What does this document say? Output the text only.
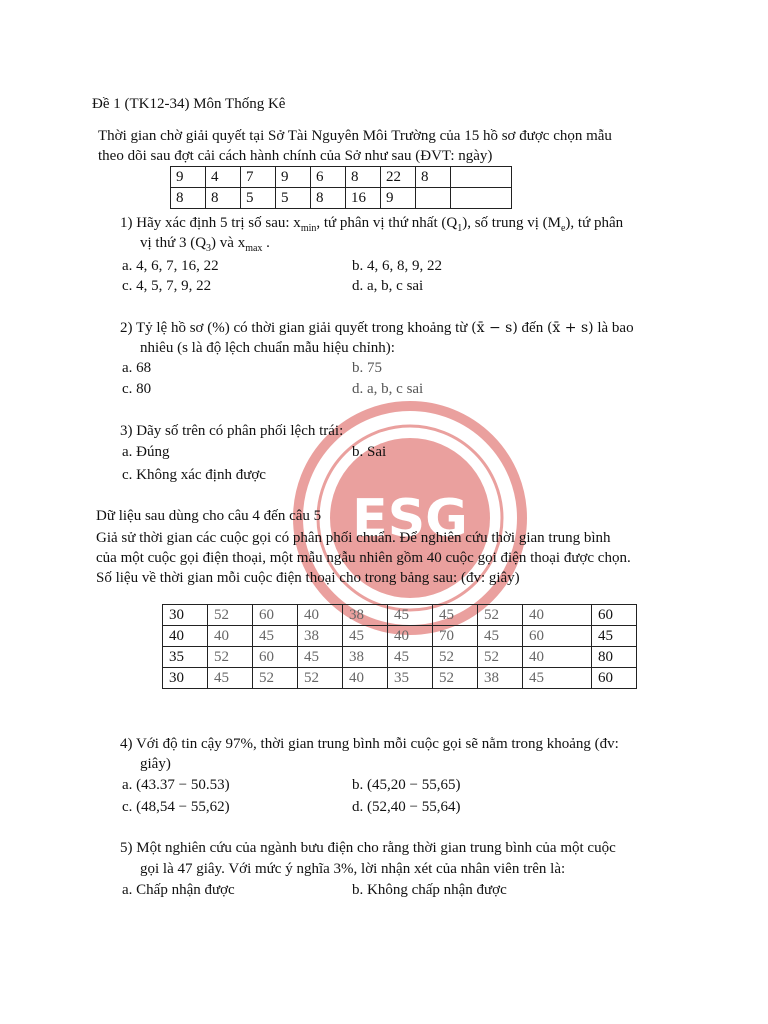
ESG
Đề 1 (TK12-34) Môn Thống Kê
Thời gian chờ giải quyết tại Sở Tài Nguyên Môi Trường của 15 hồ sơ được chọn mẫu
theo dõi sau đợt cải cách hành chính của Sở như sau (ĐVT: ngày)
9	4	7	9	6	8	22	8	
8	8	5	5	8	16	9		
1) Hãy xác định 5 trị số sau: $x_{min}$, tứ phân vị thứ nhất $(Q_1)$, số trung vị $(M_e)$, tứ phân
vị thứ 3 $(Q_3)$ và $x_{max}$ .
a. 4, 6, 7, 16, 22	b. 4, 6, 8, 9, 22
c. 4, 5, 7, 9, 22	d. a, b, c sai
2) Tỷ lệ hồ sơ (%) có thời gian giải quyết trong khoảng từ (x̄ − s) đến (x̄ + s) là bao
nhiêu (s là độ lệch chuẩn mẫu hiệu chỉnh):
a. 68	b. 75
c. 80	d. a, b, c sai
3) Dãy số trên có phân phối lệch trái:
a. Đúng	b. Sai
c. Không xác định được
Dữ liệu sau dùng cho câu 4 đến câu 5
Giả sử thời gian các cuộc gọi có phân phối chuẩn. Để nghiên cứu thời gian trung bình
của một cuộc gọi điện thoại, một mẫu ngẫu nhiên gồm 40 cuộc gọi điện thoại được chọn.
Số liệu về thời gian mỗi cuộc điện thoại cho trong bảng sau: (đv: giây)
30	52	60	40	38	45	45	52	40	60
40	40	45	38	45	40	70	45	60	45
35	52	60	45	38	45	52	52	40	80
30	45	52	52	40	35	52	38	45	60
4) Với độ tin cậy 97%, thời gian trung bình mỗi cuộc gọi sẽ nằm trong khoảng (đv:
giây)
a. (43.37 − 50.53)	b. (45,20 − 55,65)
c. (48,54 − 55,62)	d. (52,40 − 55,64)
5) Một nghiên cứu của ngành bưu điện cho rằng thời gian trung bình của một cuộc
gọi là 47 giây. Với mức ý nghĩa 3%, lời nhận xét của nhân viên trên là:
a. Chấp nhận được	b. Không chấp nhận được
